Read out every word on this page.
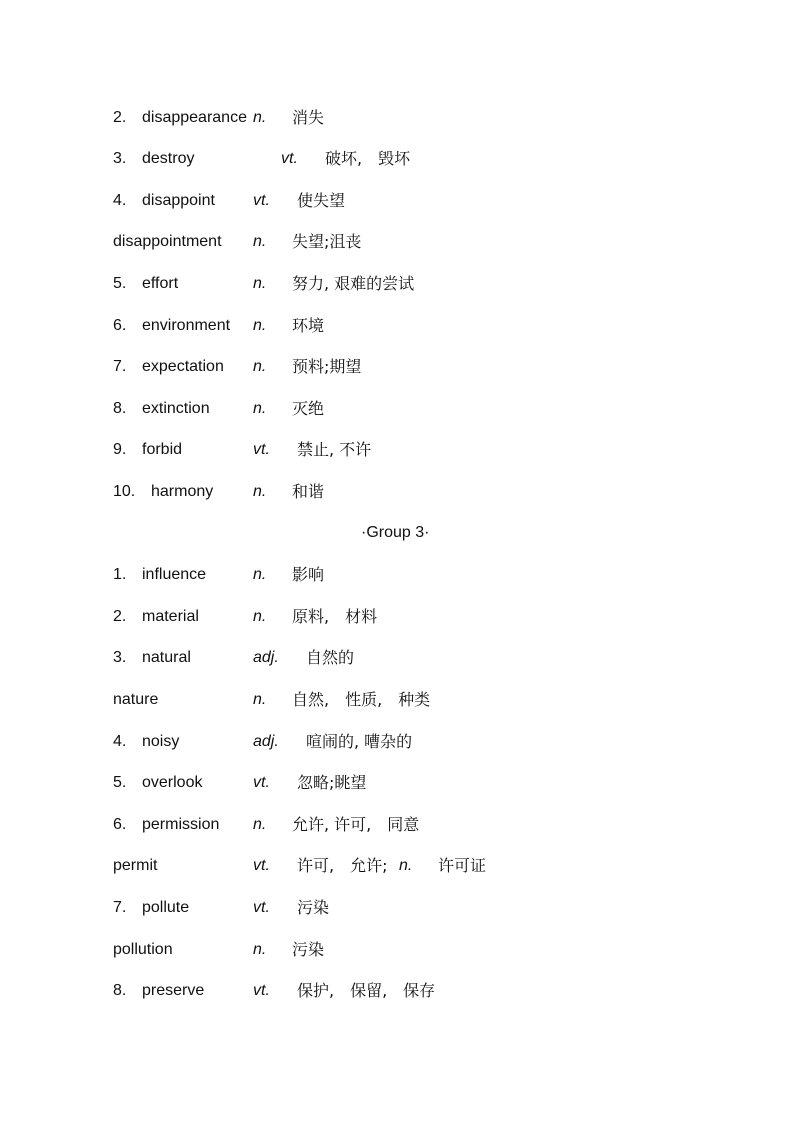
2. disappearance n. 消失
3. destroy	vt. 破坏,　毁坏
4. disappoint vt. 使失望
disappointment n. 失望;沮丧
5. effort	n. 努力, 艰难的尝试
6. environment n. 环境
7. expectation n. 预料;期望
8. extinction	n. 灭绝
9. forbid	vt. 禁止, 不许
10. harmony n. 和谐
·Group 3·
1. influence	n. 影响
2. material	n. 原料,　材料
3. natural	adj. 自然的
nature	n. 自然,　性质,　种类
4. noisy	adj. 喧闹的, 嘈杂的
5. overlook	vt. 忽略;眺望
6. permission n. 允许, 许可,　同意
permit	vt. 许可,　允许; n. 许可证
7. pollute	vt. 污染
pollution	n. 污染
8. preserve	vt. 保护,　保留,　保存
